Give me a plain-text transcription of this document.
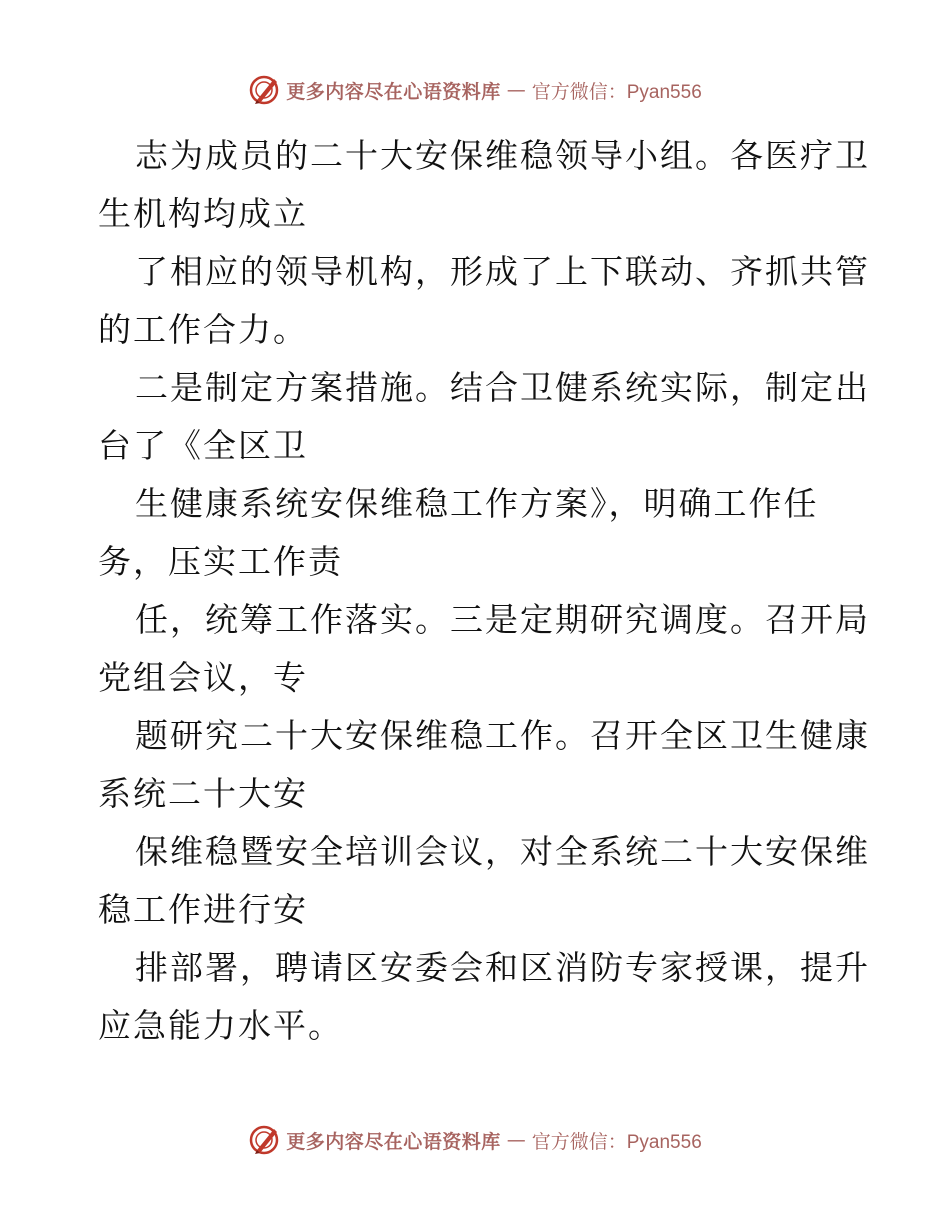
更多内容尽在心语资料库 — 官方微信：Pyan556
志为成员的二十大安保维稳领导小组。各医疗卫
生机构均成立
了相应的领导机构，形成了上下联动、齐抓共管
的工作合力。
二是制定方案措施。结合卫健系统实际，制定出
台了《全区卫
生健康系统安保维稳工作方案》，明确工作任
务，压实工作责
任，统筹工作落实。三是定期研究调度。召开局
党组会议，专
题研究二十大安保维稳工作。召开全区卫生健康
系统二十大安
保维稳暨安全培训会议，对全系统二十大安保维
稳工作进行安
排部署，聘请区安委会和区消防专家授课，提升
应急能力水平。
更多内容尽在心语资料库 — 官方微信：Pyan556
